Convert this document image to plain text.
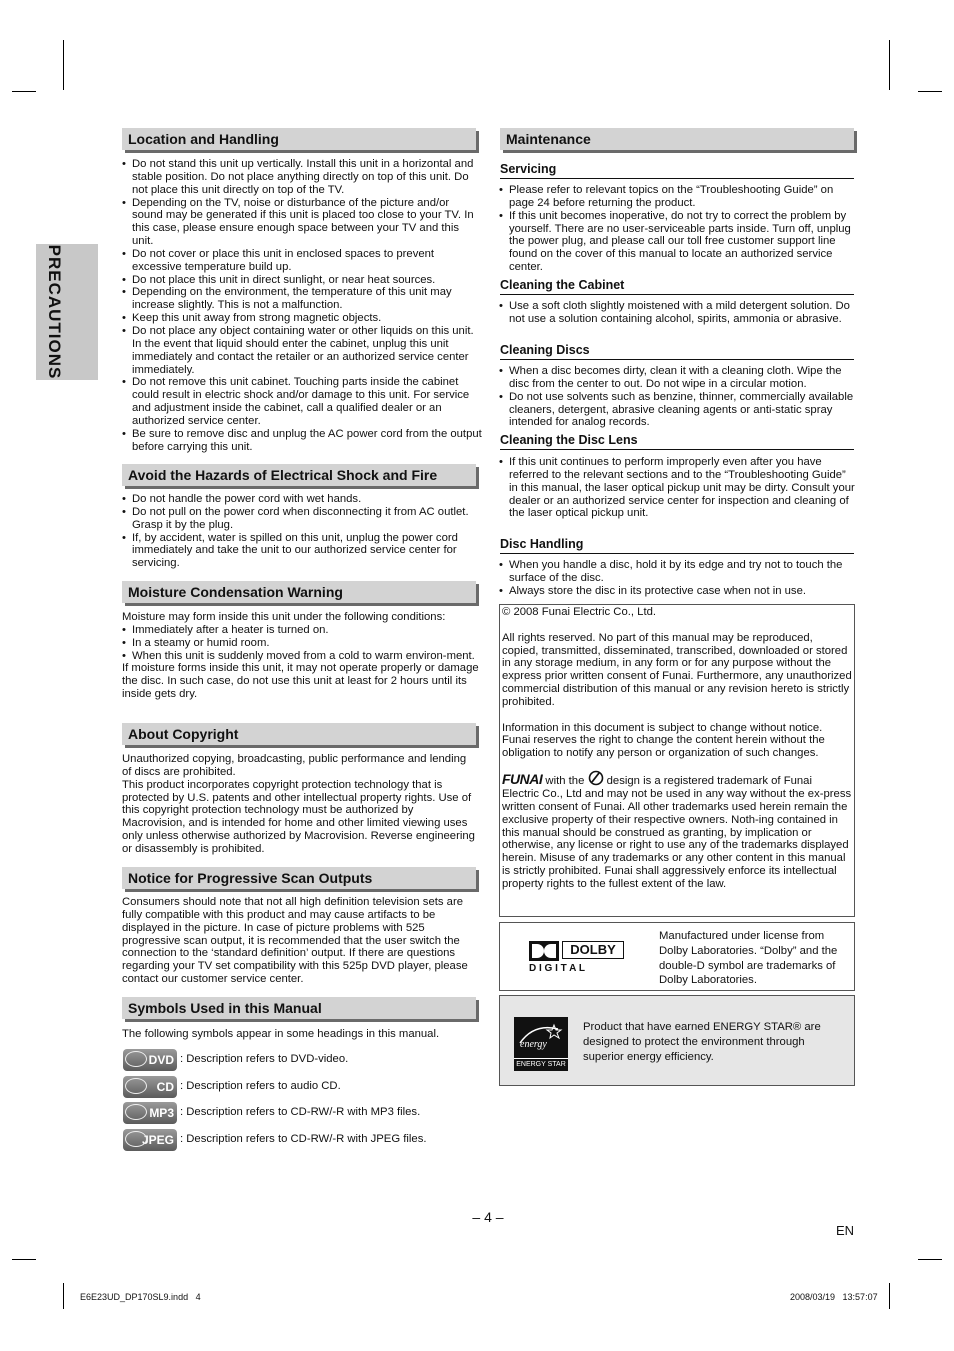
PRECAUTIONS
Location and Handling
• Do not stand this unit up vertically. Install this unit in a horizontal and stable position. Do not place anything directly on top of this unit. Do not place this unit directly on top of the TV.
• Depending on the TV, noise or disturbance of the picture and/or sound may be generated if this unit is placed too close to your TV. In this case, please ensure enough space between your TV and this unit.
• Do not cover or place this unit in enclosed spaces to prevent excessive temperature build up.
• Do not place this unit in direct sunlight, or near heat sources.
• Depending on the environment, the temperature of this unit may increase slightly. This is not a malfunction.
• Keep this unit away from strong magnetic objects.
• Do not place any object containing water or other liquids on this unit. In the event that liquid should enter the cabinet, unplug this unit immediately and contact the retailer or an authorized service center immediately.
• Do not remove this unit cabinet. Touching parts inside the cabinet could result in electric shock and/or damage to this unit. For service and adjustment inside the cabinet, call a qualified dealer or an authorized service center.
• Be sure to remove disc and unplug the AC power cord from the output before carrying this unit.
Avoid the Hazards of Electrical Shock and Fire
• Do not handle the power cord with wet hands.
• Do not pull on the power cord when disconnecting it from AC outlet. Grasp it by the plug.
• If, by accident, water is spilled on this unit, unplug the power cord immediately and take the unit to our authorized service center for servicing.
Moisture Condensation Warning
Moisture may form inside this unit under the following conditions:
• Immediately after a heater is turned on.
• In a steamy or humid room.
• When this unit is suddenly moved from a cold to warm environ-ment.
If moisture forms inside this unit, it may not operate properly or damage the disc. In such case, do not use this unit at least for 2 hours until its inside gets dry.
About Copyright
Unauthorized copying, broadcasting, public performance and lending of discs are prohibited.
This product incorporates copyright protection technology that is protected by U.S. patents and other intellectual property rights. Use of this copyright protection technology must be authorized by Macrovision, and is intended for home and other limited viewing uses only unless otherwise authorized by Macrovision. Reverse engineering or disassembly is prohibited.
Notice for Progressive Scan Outputs
Consumers should note that not all high definition television sets are fully compatible with this product and may cause artifacts to be displayed in the picture. In case of picture problems with 525 progressive scan output, it is recommended that the user switch the connection to the ‘standard definition’ output. If there are questions regarding your TV set compatibility with this 525p DVD player, please contact our customer service center.
Symbols Used in this Manual
The following symbols appear in some headings in this manual.
DVD : Description refers to DVD-video.
CD : Description refers to audio CD.
MP3 : Description refers to CD-RW/-R with MP3 files.
JPEG : Description refers to CD-RW/-R with JPEG files.
Maintenance
Servicing
• Please refer to relevant topics on the “Troubleshooting Guide” on page 24 before returning the product.
• If this unit becomes inoperative, do not try to correct the problem by yourself. There are no user-serviceable parts inside. Turn off, unplug the power plug, and please call our toll free customer support line found on the cover of this manual to locate an authorized service center.
Cleaning the Cabinet
• Use a soft cloth slightly moistened with a mild detergent solution. Do not use a solution containing alcohol, spirits, ammonia or abrasive.
Cleaning Discs
• When a disc becomes dirty, clean it with a cleaning cloth. Wipe the disc from the center to out. Do not wipe in a circular motion.
• Do not use solvents such as benzine, thinner, commercially available cleaners, detergent, abrasive cleaning agents or anti-static spray intended for analog records.
Cleaning the Disc Lens
• If this unit continues to perform improperly even after you have referred to the relevant sections and to the “Troubleshooting Guide” in this manual, the laser optical pickup unit may be dirty. Consult your dealer or an authorized service center for inspection and cleaning of the laser optical pickup unit.
Disc Handling
• When you handle a disc, hold it by its edge and try not to touch the surface of the disc.
• Always store the disc in its protective case when not in use.
© 2008 Funai Electric Co., Ltd.
All rights reserved. No part of this manual may be reproduced, copied, transmitted, disseminated, transcribed, downloaded or stored in any storage medium, in any form or for any purpose without the express prior written consent of Funai. Furthermore, any unauthorized commercial distribution of this manual or any revision hereto is strictly prohibited.
Information in this document is subject to change without notice. Funai reserves the right to change the content herein without the obligation to notify any person or organization of such changes.
FUNAI with the design is a registered trademark of Funai Electric Co., Ltd and may not be used in any way without the ex-press written consent of Funai. All other trademarks used herein remain the exclusive property of their respective owners. Noth-ing contained in this manual should be construed as granting, by implication or otherwise, any license or right to use any of the trademarks displayed herein. Misuse of any trademarks or any other content in this manual is strictly prohibited. Funai shall aggressively enforce its intellectual property rights to the fullest extent of the law.
DOLBY
D I G I T A L
Manufactured under license from Dolby Laboratories. “Dolby” and the double-D symbol are trademarks of Dolby Laboratories.
energy
ENERGY STAR
Product that have earned ENERGY STAR® are designed to protect the environment through superior energy efficiency.
– 4 –
EN
E6E23UD_DP170SL9.indd   4	2008/03/19   13:57:07
